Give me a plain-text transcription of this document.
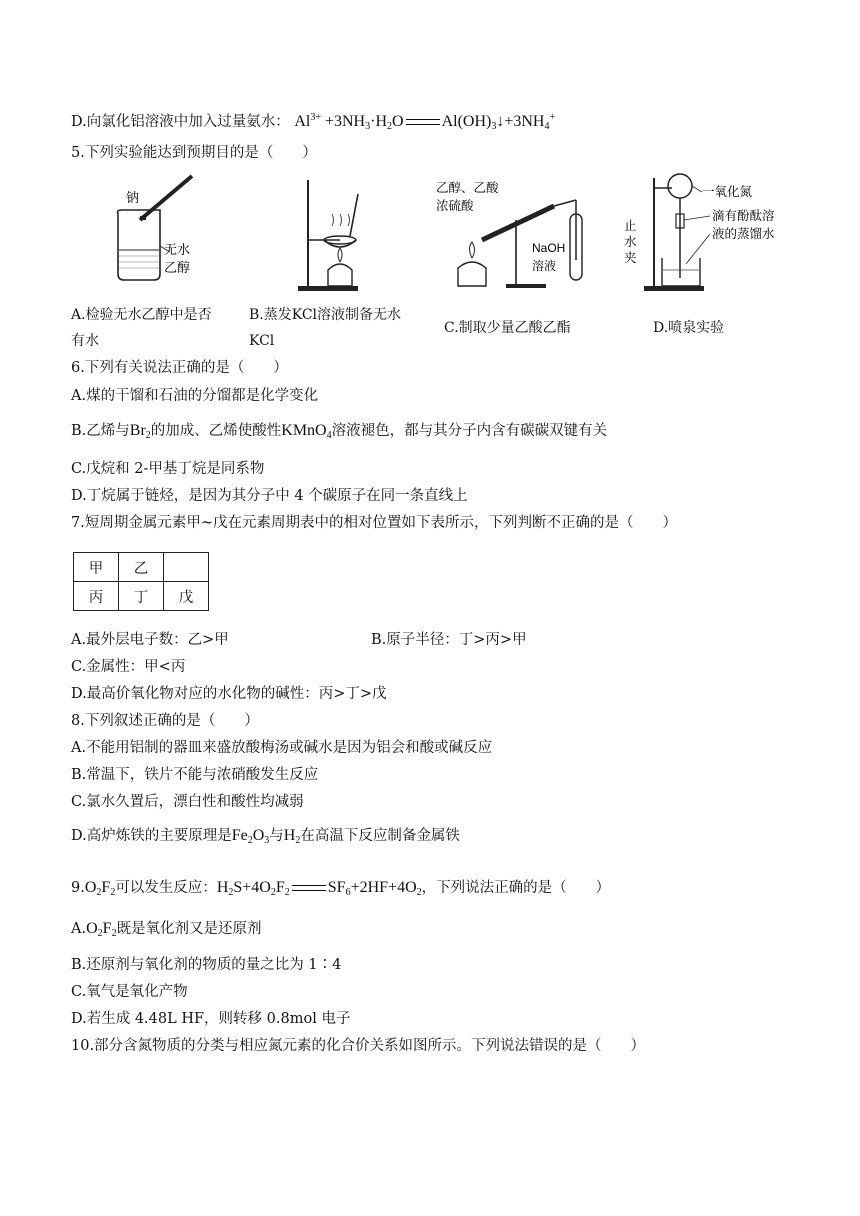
D.向氯化铝溶液中加入过量氨水： $Al^{3+} +3NH_3\cdot H_2O$ $Al(OH)_3↓+3NH_4^+$
5.下列实验能达到预期目的是（　　）
钠
无水
乙醇
乙醇、乙酸
浓硫酸
NaOH
溶液
一氧化氮
滴有酚酞溶
液的蒸馏水
止
水
夹
A.检验无水乙醇中是否
有水
B.蒸发KCl溶液制备无水
KCl
C.制取少量乙酸乙酯	D.喷泉实验
6.下列有关说法正确的是（　　）
A.煤的干馏和石油的分馏都是化学变化
B.乙烯与$Br_2$的加成、乙烯使酸性KMnO$_4$溶液褪色，都与其分子内含有碳碳双键有关
C.戊烷和 2-甲基丁烷是同系物
D.丁烷属于链烃，是因为其分子中 4 个碳原子在同一条直线上
7.短周期金属元素甲~戊在元素周期表中的相对位置如下表所示，下列判断不正确的是（　　）
甲	乙	
丙	丁	戊
A.最外层电子数：乙>甲	B.原子半径：丁>丙>甲
C.金属性：甲<丙
D.最高价氧化物对应的水化物的碱性：丙>丁>戊
8.下列叙述正确的是（　　）
A.不能用铝制的器皿来盛放酸梅汤或碱水是因为铝会和酸或碱反应
B.常温下，铁片不能与浓硝酸发生反应
C.氯水久置后，漂白性和酸性均减弱
D.高炉炼铁的主要原理是$Fe_2O_3$与$H_2$在高温下反应制备金属铁
$9.O_2F_2$可以发生反应：$H_2S+4O_2F_2$ $SF_6+2HF+4O_2$，下列说法正确的是（　　）
$A.O_2F_2$既是氧化剂又是还原剂
B.还原剂与氧化剂的物质的量之比为 1∶4
C.氧气是氧化产物
D.若生成 4.48L HF，则转移 0.8mol 电子
10.部分含氮物质的分类与相应氮元素的化合价关系如图所示。下列说法错误的是（　　）
